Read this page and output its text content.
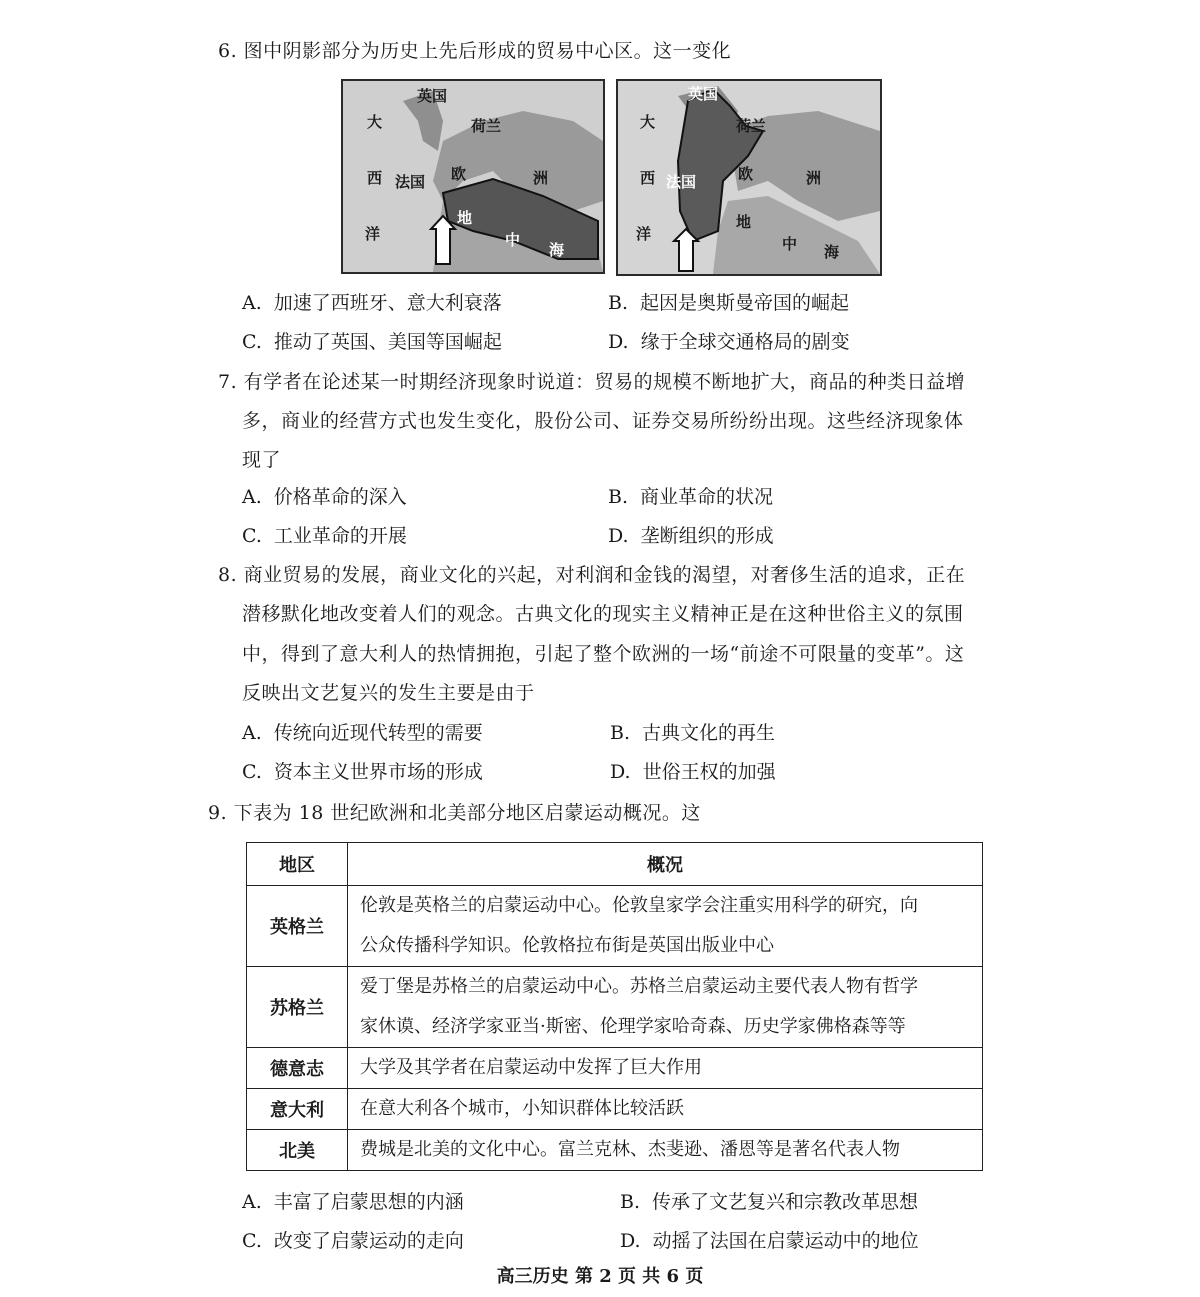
6. 图中阴影部分为历史上先后形成的贸易中心区。这一变化
英国
大	荷兰
西 法国 欧	洲
洋
地
中
海
英国
大	荷兰
西 法国	欧	洲
洋
地
中 海
A. 加速了西班牙、意大利衰落	B. 起因是奥斯曼帝国的崛起
C. 推动了英国、美国等国崛起	D. 缘于全球交通格局的剧变
7. 有学者在论述某一时期经济现象时说道：贸易的规模不断地扩大，商品的种类日益增
多，商业的经营方式也发生变化，股份公司、证券交易所纷纷出现。这些经济现象体
现了
A. 价格革命的深入	B. 商业革命的状况
C. 工业革命的开展	D. 垄断组织的形成
8. 商业贸易的发展，商业文化的兴起，对利润和金钱的渴望，对奢侈生活的追求，正在
潜移默化地改变着人们的观念。古典文化的现实主义精神正是在这种世俗主义的氛围
中，得到了意大利人的热情拥抱，引起了整个欧洲的一场“前途不可限量的变革”。这
反映出文艺复兴的发生主要是由于
A. 传统向近现代转型的需要	B. 古典文化的再生
C. 资本主义世界市场的形成	D. 世俗王权的加强
9. 下表为 18 世纪欧洲和北美部分地区启蒙运动概况。这
地区	概况
英格兰	伦敦是英格兰的启蒙运动中心。伦敦皇家学会注重实用科学的研究，向
公众传播科学知识。伦敦格拉布街是英国出版业中心

苏格兰	爱丁堡是苏格兰的启蒙运动中心。苏格兰启蒙运动主要代表人物有哲学
家休谟、经济学家亚当·斯密、伦理学家哈奇森、历史学家佛格森等等

德意志	大学及其学者在启蒙运动中发挥了巨大作用

意大利	在意大利各个城市，小知识群体比较活跃

北美	费城是北美的文化中心。富兰克林、杰斐逊、潘恩等是著名代表人物
A. 丰富了启蒙思想的内涵	B. 传承了文艺复兴和宗教改革思想
C. 改变了启蒙运动的走向	D. 动摇了法国在启蒙运动中的地位
高三历史 第 2 页 共 6 页
